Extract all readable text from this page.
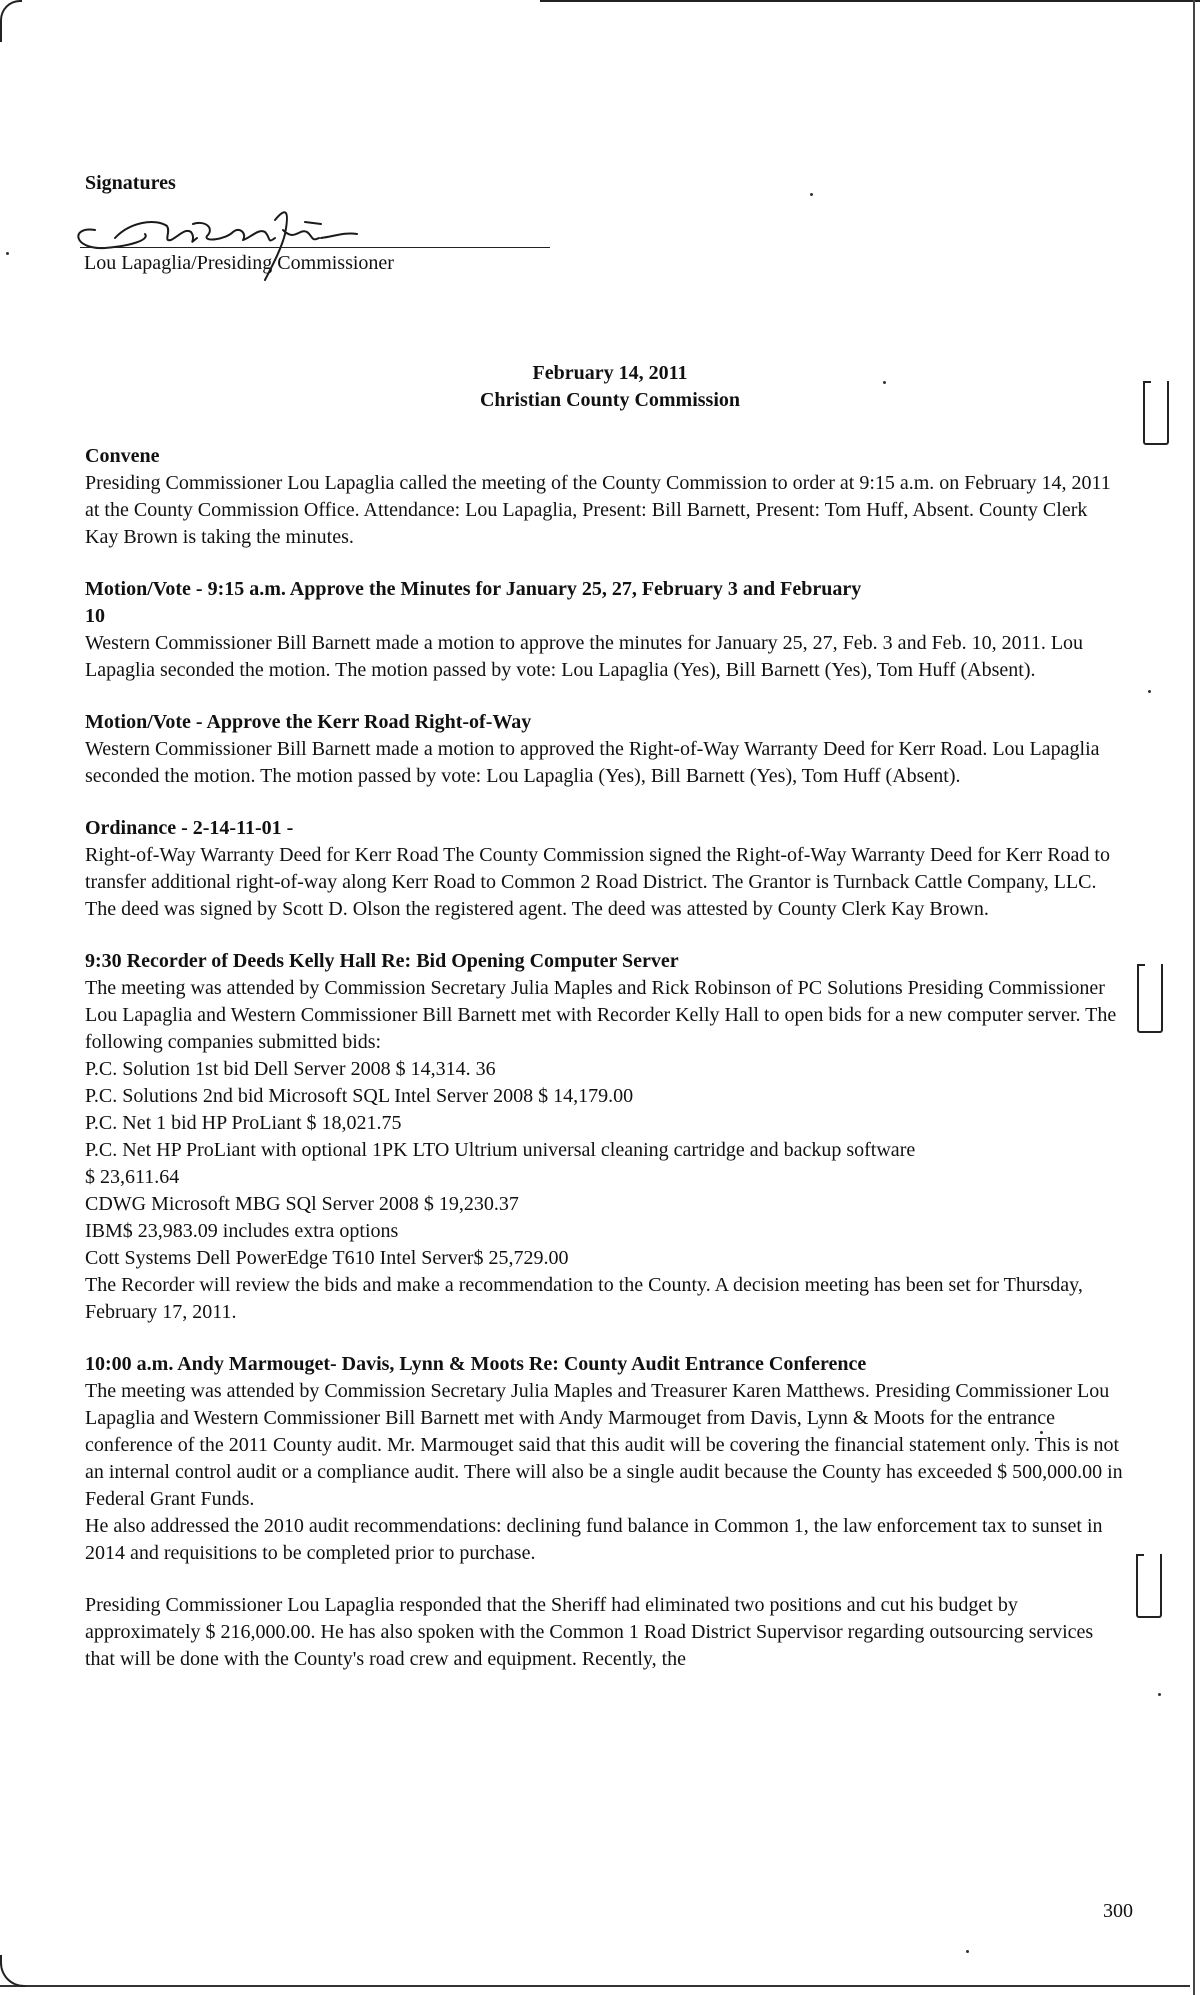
Signatures
Lou Lapaglia/Presiding Commissioner
February 14, 2011
Christian County Commission
Convene

Presiding Commissioner Lou Lapaglia called the meeting of the County Commission to order at 9:15 a.m. on February 14, 2011 at the County Commission Office. Attendance: Lou Lapaglia, Present: Bill Barnett, Present: Tom Huff, Absent. County Clerk Kay Brown is taking the minutes.

Motion/Vote - 9:15 a.m. Approve the Minutes for January 25, 27, February 3 and February 10

Western Commissioner Bill Barnett made a motion to approve the minutes for January 25, 27, Feb. 3 and Feb. 10, 2011. Lou Lapaglia seconded the motion. The motion passed by vote: Lou Lapaglia (Yes), Bill Barnett (Yes), Tom Huff (Absent).

Motion/Vote - Approve the Kerr Road Right-of-Way

Western Commissioner Bill Barnett made a motion to approved the Right-of-Way Warranty Deed for Kerr Road. Lou Lapaglia seconded the motion. The motion passed by vote: Lou Lapaglia (Yes), Bill Barnett (Yes), Tom Huff (Absent).

Ordinance - 2-14-11-01 -

Right-of-Way Warranty Deed for Kerr Road The County Commission signed the Right-of-Way Warranty Deed for Kerr Road to transfer additional right-of-way along Kerr Road to Common 2 Road District. The Grantor is Turnback Cattle Company, LLC. The deed was signed by Scott D. Olson the registered agent. The deed was attested by County Clerk Kay Brown.

9:30 Recorder of Deeds Kelly Hall Re: Bid Opening Computer Server

The meeting was attended by Commission Secretary Julia Maples and Rick Robinson of PC Solutions Presiding Commissioner Lou Lapaglia and Western Commissioner Bill Barnett met with Recorder Kelly Hall to open bids for a new computer server. The following companies submitted bids:

P.C. Solution 1st bid Dell Server 2008 $ 14,314. 36
P.C. Solutions 2nd bid Microsoft SQL Intel Server 2008 $ 14,179.00
P.C. Net 1 bid HP ProLiant $ 18,021.75
P.C. Net HP ProLiant with optional 1PK LTO Ultrium universal cleaning cartridge and backup software
$ 23,611.64
CDWG Microsoft MBG SQl Server 2008 $ 19,230.37
IBM$ 23,983.09 includes extra options
Cott Systems Dell PowerEdge T610 Intel Server$ 25,729.00

The Recorder will review the bids and make a recommendation to the County. A decision meeting has been set for Thursday, February 17, 2011.

10:00 a.m. Andy Marmouget- Davis, Lynn & Moots Re: County Audit Entrance Conference

The meeting was attended by Commission Secretary Julia Maples and Treasurer Karen Matthews. Presiding Commissioner Lou Lapaglia and Western Commissioner Bill Barnett met with Andy Marmouget from Davis, Lynn & Moots for the entrance conference of the 2011 County audit. Mr. Marmouget said that this audit will be covering the financial statement only. This is not an internal control audit or a compliance audit. There will also be a single audit because the County has exceeded $ 500,000.00 in Federal Grant Funds.

He also addressed the 2010 audit recommendations: declining fund balance in Common 1, the law enforcement tax to sunset in 2014 and requisitions to be completed prior to purchase.

Presiding Commissioner Lou Lapaglia responded that the Sheriff had eliminated two positions and cut his budget by approximately $ 216,000.00. He has also spoken with the Common 1 Road District Supervisor regarding outsourcing services that will be done with the County's road crew and equipment. Recently, the

300
